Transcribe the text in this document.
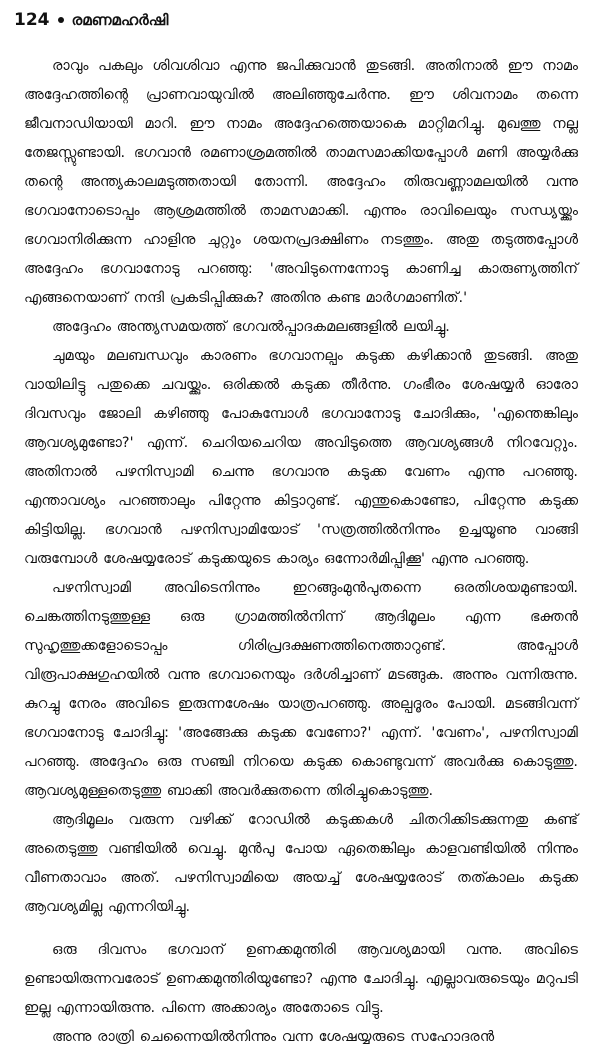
124 രമണമഹർഷി

രാവും പകലും ശിവശിവാ എന്നു ജപിക്കുവാൻ തുടങ്ങി. അതിനാൽ ഈ നാമം അദ്ദേഹത്തിന്റെ പ്രാണവായുവിൽ അലിഞ്ഞുചേർന്നു. ഈ ശിവനാമം തന്നെ ജീവനാഡിയായി മാറി. ഈ നാമം അദ്ദേഹത്തെയാകെ മാറ്റിമറിച്ചു. മുഖത്തു നല്ല തേജസ്സുണ്ടായി. ഭഗവാൻ രമണാശ്രമത്തിൽ താമസമാക്കിയപ്പോൾ മണി അയ്യർക്കു തന്റെ അന്ത്യകാലമടുത്തതായി തോന്നി. അദ്ദേഹം തിരുവണ്ണാമലയിൽ വന്നു ഭഗവാനോടൊപ്പം ആശ്രമത്തിൽ താമസമാക്കി. എന്നും രാവിലെയും സന്ധ്യയ്ക്കും ഭഗവാനിരിക്കുന്ന ഹാളിനു ചുറ്റും ശയനപ്രദക്ഷിണം നടത്തും. അതു തടുത്തപ്പോൾ അദ്ദേഹം ഭഗവാനോടു പറഞ്ഞു: 'അവിടുന്നെന്നോടു കാണിച്ച കാരുണ്യത്തിന് എങ്ങനെയാണ് നന്ദി പ്രകടിപ്പിക്കുക? അതിനു കണ്ട മാർഗമാണിത്.'

അദ്ദേഹം അന്ത്യസമയത്ത് ഭഗവൽപ്പാദകമലങ്ങളിൽ ലയിച്ചു.

ചുമയും മലബന്ധവും കാരണം ഭഗവാനല്പം കടുക്ക കഴിക്കാൻ തുടങ്ങി. അതു വായിലിട്ടു പതുക്കെ ചവയ്ക്കും. ഒരിക്കൽ കടുക്ക തീർന്നു. ഗംഭീരം ശേഷയ്യർ ഓരോ ദിവസവും ജോലി കഴിഞ്ഞു പോകുമ്പോൾ ഭഗവാനോടു ചോദിക്കും, 'എന്തെങ്കിലും ആവശ്യമുണ്ടോ?' എന്ന്. ചെറിയചെറിയ അവിടുത്തെ ആവശ്യങ്ങൾ നിറവേറ്റും. അതിനാൽ പഴനിസ്വാമി ചെന്നു ഭഗവാനു കടുക്ക വേണം എന്നു പറഞ്ഞു. എന്താവശ്യം പറഞ്ഞാലും പിറ്റേന്നു കിട്ടാറുണ്ട്. എന്തുകൊണ്ടോ, പിറ്റേന്നു കടുക്ക കിട്ടിയില്ല. ഭഗവാൻ പഴനിസ്വാമിയോട് 'സത്രത്തിൽനിന്നും ഉച്ചയൂണു വാങ്ങി വരുമ്പോൾ ശേഷയ്യരോട് കടുക്കയുടെ കാര്യം ഒന്നോർമിപ്പിക്കൂ' എന്നു പറഞ്ഞു.

പഴനിസ്വാമി അവിടെനിന്നും ഇറങ്ങുംമുൻപുതന്നെ ഒരതിശയമുണ്ടായി. ചെങ്കത്തിനടുത്തുള്ള ഒരു ഗ്രാമത്തിൽനിന്ന് ആദിമൂലം എന്ന ഭക്തൻ സുഹൃത്തുക്കളോടൊപ്പം ഗിരിപ്രദക്ഷണത്തിനെത്താറുണ്ട്. അപ്പോൾ വിരൂപാക്ഷഗുഹയിൽ വന്നു ഭഗവാനെയും ദർശിച്ചാണ് മടങ്ങുക. അന്നും വന്നിരുന്നു. കുറച്ചു നേരം അവിടെ ഇരുന്നശേഷം യാത്രപറഞ്ഞു. അല്പദൂരം പോയി. മടങ്ങിവന്ന് ഭഗവാനോടു ചോദിച്ചു: 'അങ്ങേക്കു കടുക്ക വേണോ?' എന്ന്. 'വേണം', പഴനിസ്വാമി പറഞ്ഞു. അദ്ദേഹം ഒരു സഞ്ചി നിറയെ കടുക്ക കൊണ്ടുവന്ന് അവർക്കു കൊടുത്തു. ആവശ്യമുള്ളതെടുത്തു ബാക്കി അവർക്കുതന്നെ തിരിച്ചുകൊടുത്തു.

ആദിമൂലം വരുന്ന വഴിക്ക് റോഡിൽ കടുക്കകൾ ചിതറിക്കിടക്കുന്നതു കണ്ട് അതെടുത്തു വണ്ടിയിൽ വെച്ചു. മുൻപു പോയ ഏതെങ്കിലും കാളവണ്ടിയിൽ നിന്നും വീണതാവാം അത്. പഴനിസ്വാമിയെ അയച്ച് ശേഷയ്യരോട് തത്കാലം കടുക്ക ആവശ്യമില്ല എന്നറിയിച്ചു.

ഒരു ദിവസം ഭഗവാന് ഉണക്കമുന്തിരി ആവശ്യമായി വന്നു. അവിടെ ഉണ്ടായിരുന്നവരോട് ഉണക്കമുന്തിരിയുണ്ടോ? എന്നു ചോദിച്ചു. എല്ലാവരുടെയും മറുപടി ഇല്ല എന്നായിരുന്നു. പിന്നെ അക്കാര്യം അതോടെ വിട്ടു.

അന്നു രാത്രി ചെന്നൈയിൽനിന്നും വന്ന ശേഷയ്യരുടെ സഹോദരൻ
